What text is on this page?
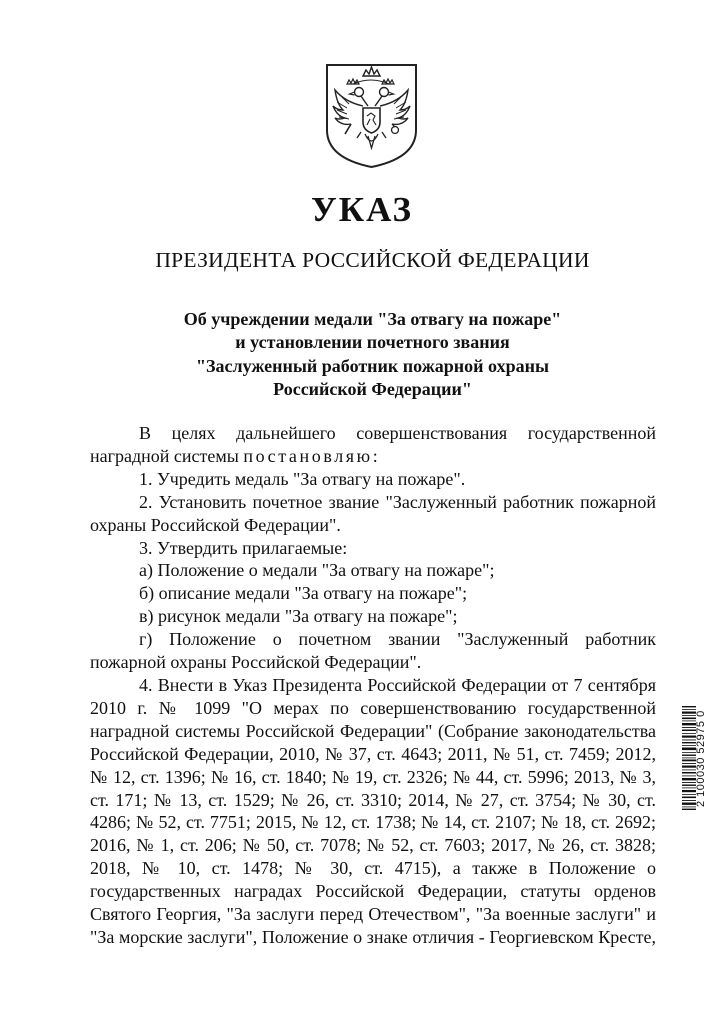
УКАЗ
ПРЕЗИДЕНТА РОССИЙСКОЙ ФЕДЕРАЦИИ
Об учреждении медали "За отвагу на пожаре"
и установлении почетного звания
"Заслуженный работник пожарной охраны
Российской Федерации"

В целях дальнейшего совершенствования государственной наградной системы постановляю:

1. Учредить медаль "За отвагу на пожаре".

2. Установить почетное звание "Заслуженный работник пожарной охраны Российской Федерации".

3. Утвердить прилагаемые:

а) Положение о медали "За отвагу на пожаре";

б) описание медали "За отвагу на пожаре";

в) рисунок медали "За отвагу на пожаре";

г) Положение о почетном звании "Заслуженный работник пожарной охраны Российской Федерации".

4. Внести в Указ Президента Российской Федерации от 7 сентября 2010 г. № 1099 "О мерах по совершенствованию государственной наградной системы Российской Федерации" (Собрание законодательства Российской Федерации, 2010, № 37, ст. 4643; 2011, № 51, ст. 7459; 2012, № 12, ст. 1396; № 16, ст. 1840; № 19, ст. 2326; № 44, ст. 5996; 2013, № 3, ст. 171; № 13, ст. 1529; № 26, ст. 3310; 2014, № 27, ст. 3754; № 30, ст. 4286; № 52, ст. 7751; 2015, № 12, ст. 1738; № 14, ст. 2107; № 18, ст. 2692; 2016, № 1, ст. 206; № 50, ст. 7078; № 52, ст. 7603; 2017, № 26, ст. 3828; 2018, № 10, ст. 1478; № 30, ст. 4715), а также в Положение о государственных наградах Российской Федерации, статуты орденов Святого Георгия, "За заслуги перед Отечеством", "За военные заслуги" и "За морские заслуги", Положение о знаке отличия - Георгиевском Кресте,

2 100030 52975 0
